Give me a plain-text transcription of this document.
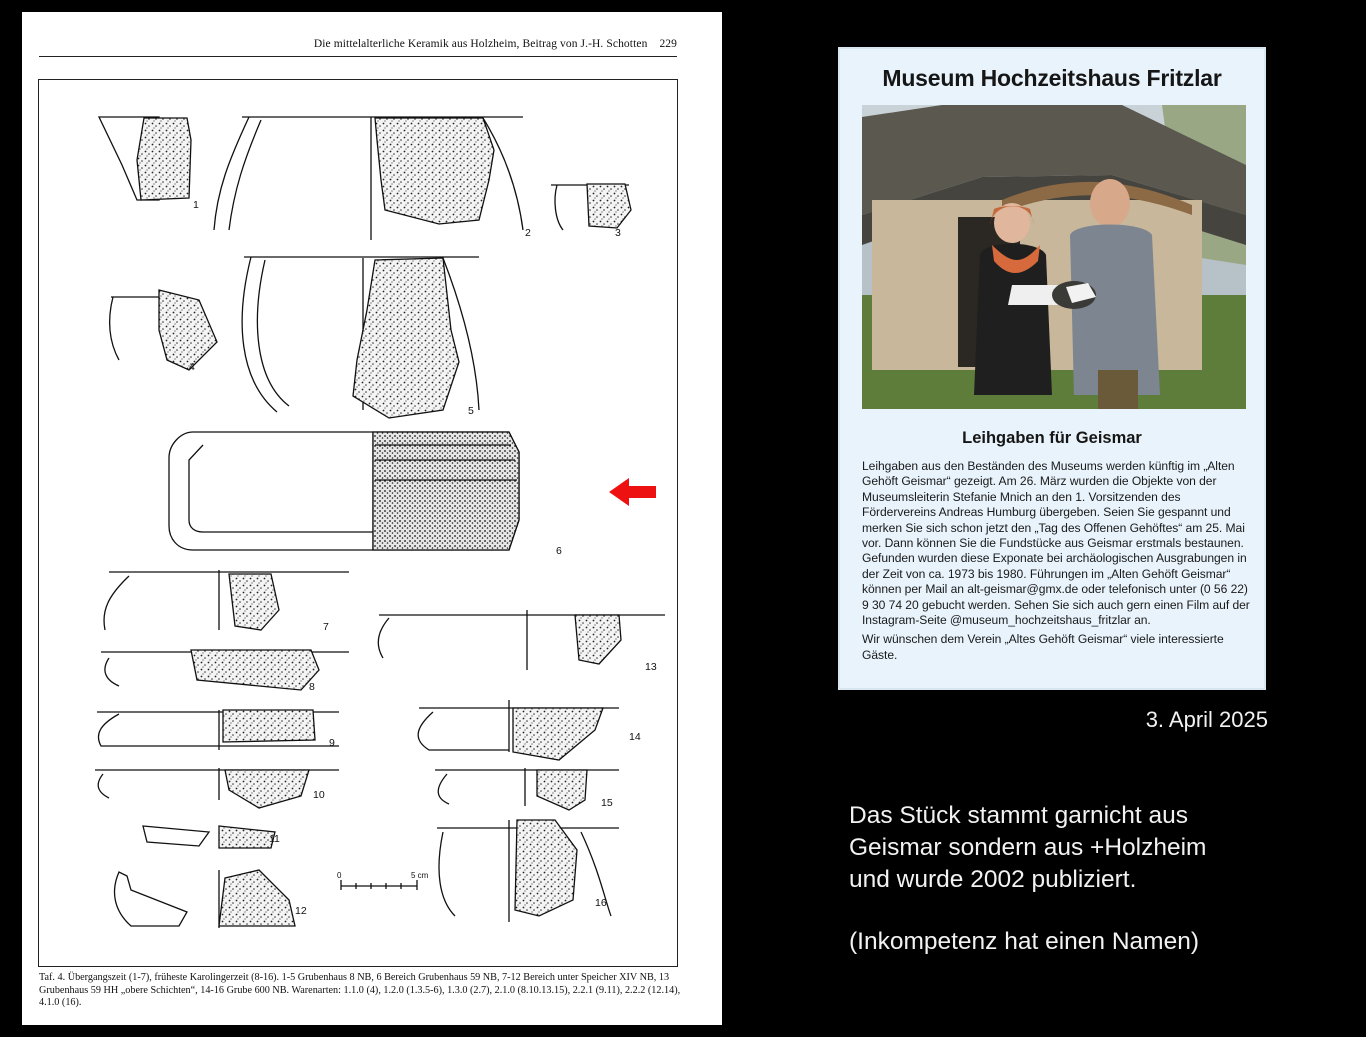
Die mittelalterliche Keramik aus Holzheim, Beitrag von J.-H. Schotten 229
1
2	3
4
5
6
7
8
9
10
11
12
13
14
15
16
0	5 cm
Taf. 4. Übergangszeit (1-7), früheste Karolingerzeit (8-16). 1-5 Grubenhaus 8 NB, 6 Bereich Grubenhaus 59 NB, 7-12 Bereich unter Speicher XIV NB, 13 Grubenhaus 59 HH „obere Schichten“, 14-16 Grube 600 NB. Warenarten: 1.1.0 (4), 1.2.0 (1.3.5-6), 1.3.0 (2.7), 2.1.0 (8.10.13.15), 2.2.1 (9.11), 2.2.2 (12.14), 4.1.0 (16).
Museum Hochzeitshaus Fritzlar
Leihgaben für Geismar

Leihgaben aus den Beständen des Museums werden künftig im „Alten Gehöft Geismar“ gezeigt. Am 26. März wurden die Objekte von der Museumsleiterin Stefanie Mnich an den 1. Vorsitzenden des Fördervereins Andreas Humburg übergeben. Seien Sie gespannt und merken Sie sich schon jetzt den „Tag des Offenen Gehöftes“ am 25. Mai vor. Dann können Sie die Fundstücke aus Geismar erstmals bestaunen. Gefunden wurden diese Exponate bei archäologischen Ausgrabungen in der Zeit von ca. 1973 bis 1980. Führungen im „Alten Gehöft Geismar“ können per Mail an alt-geismar@gmx.de oder telefonisch unter (0 56 22) 9 30 74 20 gebucht werden. Sehen Sie sich auch gern einen Film auf der Instagram-Seite @museum_hochzeitshaus_fritzlar an.

Wir wünschen dem Verein „Altes Gehöft Geismar“ viele interessierte Gäste.

3. April 2025

Das Stück stammt garnicht aus

Geismar sondern aus +Holzheim

und wurde 2002 publiziert.

(Inkompetenz hat einen Namen)
